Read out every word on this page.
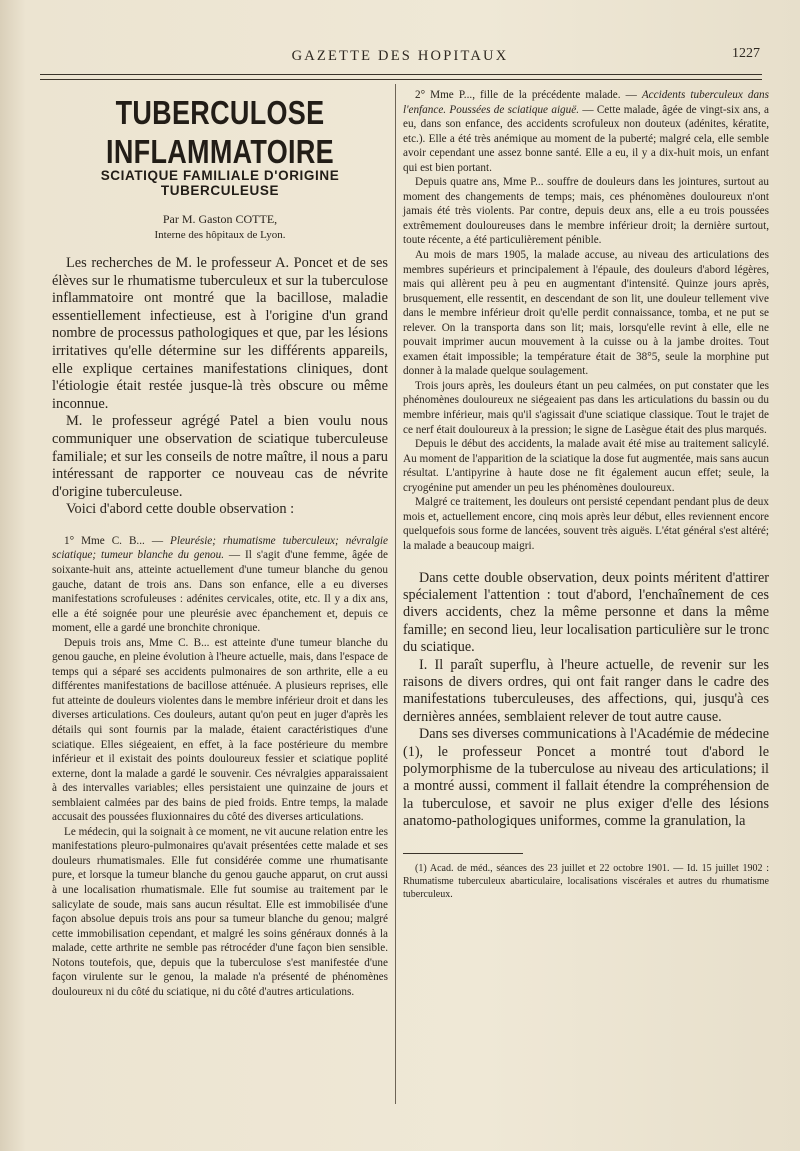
GAZETTE DES HOPITAUX	1227
TUBERCULOSE INFLAMMATOIRE
SCIATIQUE FAMILIALE D'ORIGINE TUBERCULEUSE

Par M. Gaston COTTE,

Interne des hôpitaux de Lyon.

Les recherches de M. le professeur A. Poncet et de ses élèves sur le rhumatisme tuberculeux et sur la tuberculose inflammatoire ont montré que la bacillose, maladie essentiellement infectieuse, est à l'origine d'un grand nombre de processus pathologiques et que, par les lésions irritatives qu'elle détermine sur les différents appareils, elle explique certaines manifestations cliniques, dont l'étiologie était restée jusque-là très obscure ou même inconnue.

M. le professeur agrégé Patel a bien voulu nous communiquer une observation de sciatique tuberculeuse familiale; et sur les conseils de notre maître, il nous a paru intéressant de rapporter ce nouveau cas de névrite d'origine tuberculeuse.

Voici d'abord cette double observation :

1° Mme C. B... — Pleurésie; rhumatisme tuberculeux; névralgie sciatique; tumeur blanche du genou. — Il s'agit d'une femme, âgée de soixante-huit ans, atteinte actuellement d'une tumeur blanche du genou gauche, datant de trois ans. Dans son enfance, elle a eu diverses manifestations scrofuleuses : adénites cervicales, otite, etc. Il y a dix ans, elle a été soignée pour une pleurésie avec épanchement et, depuis ce moment, elle a gardé une bronchite chronique.

Depuis trois ans, Mme C. B... est atteinte d'une tumeur blanche du genou gauche, en pleine évolution à l'heure actuelle, mais, dans l'espace de temps qui a séparé ses accidents pulmonaires de son arthrite, elle a eu différentes manifestations de bacillose atténuée. A plusieurs reprises, elle fut atteinte de douleurs violentes dans le membre inférieur droit et dans les diverses articulations. Ces douleurs, autant qu'on peut en juger d'après les détails qui sont fournis par la malade, étaient caractéristiques d'une sciatique. Elles siégeaient, en effet, à la face postérieure du membre inférieur et il existait des points douloureux fessier et sciatique poplité externe, dont la malade a gardé le souvenir. Ces névralgies apparaissaient à des intervalles variables; elles persistaient une quinzaine de jours et semblaient calmées par des bains de pied froids. Entre temps, la malade accusait des poussées fluxionnaires du côté des diverses articulations.

Le médecin, qui la soignait à ce moment, ne vit aucune relation entre les manifestations pleuro-pulmonaires qu'avait présentées cette malade et ses douleurs rhumatismales. Elle fut considérée comme une rhumatisante pure, et lorsque la tumeur blanche du genou gauche apparut, on crut aussi à une localisation rhumatismale. Elle fut soumise au traitement par le salicylate de soude, mais sans aucun résultat. Elle est immobilisée d'une façon absolue depuis trois ans pour sa tumeur blanche du genou; malgré cette immobilisation cependant, et malgré les soins généraux donnés à la malade, cette arthrite ne semble pas rétrocéder d'une façon bien sensible. Notons toutefois, que, depuis que la tuberculose s'est manifestée d'une façon virulente sur le genou, la malade n'a présenté de phénomènes douloureux ni du côté du sciatique, ni du côté d'autres articulations.

2° Mme P..., fille de la précédente malade. — Accidents tuberculeux dans l'enfance. Poussées de sciatique aiguë. — Cette malade, âgée de vingt-six ans, a eu, dans son enfance, des accidents scrofuleux non douteux (adénites, kératite, etc.). Elle a été très anémique au moment de la puberté; malgré cela, elle semble avoir cependant une assez bonne santé. Elle a eu, il y a dix-huit mois, un enfant qui est bien portant.

Depuis quatre ans, Mme P... souffre de douleurs dans les jointures, surtout au moment des changements de temps; mais, ces phénomènes douloureux n'ont jamais été très violents. Par contre, depuis deux ans, elle a eu trois poussées extrêmement douloureuses dans le membre inférieur droit; la dernière surtout, toute récente, a été particulièrement pénible.

Au mois de mars 1905, la malade accuse, au niveau des articulations des membres supérieurs et principalement à l'épaule, des douleurs d'abord légères, mais qui allèrent peu à peu en augmentant d'intensité. Quinze jours après, brusquement, elle ressentit, en descendant de son lit, une douleur tellement vive dans le membre inférieur droit qu'elle perdit connaissance, tomba, et ne put se relever. On la transporta dans son lit; mais, lorsqu'elle revint à elle, elle ne pouvait imprimer aucun mouvement à la cuisse ou à la jambe droites. Tout examen était impossible; la température était de 38°5, seule la morphine put donner à la malade quelque soulagement.

Trois jours après, les douleurs étant un peu calmées, on put constater que les phénomènes douloureux ne siégeaient pas dans les articulations du bassin ou du membre inférieur, mais qu'il s'agissait d'une sciatique classique. Tout le trajet de ce nerf était douloureux à la pression; le signe de Lasègue était des plus marqués.

Depuis le début des accidents, la malade avait été mise au traitement salicylé. Au moment de l'apparition de la sciatique la dose fut augmentée, mais sans aucun résultat. L'antipyrine à haute dose ne fit également aucun effet; seule, la cryogénine put amender un peu les phénomènes douloureux.

Malgré ce traitement, les douleurs ont persisté cependant pendant plus de deux mois et, actuellement encore, cinq mois après leur début, elles reviennent encore quelquefois sous forme de lancées, souvent très aiguës. L'état général s'est altéré; la malade a beaucoup maigri.

Dans cette double observation, deux points méritent d'attirer spécialement l'attention : tout d'abord, l'enchaînement de ces divers accidents, chez la même personne et dans la même famille; en second lieu, leur localisation particulière sur le tronc du sciatique.

I. Il paraît superflu, à l'heure actuelle, de revenir sur les raisons de divers ordres, qui ont fait ranger dans le cadre des manifestations tuberculeuses, des affections, qui, jusqu'à ces dernières années, semblaient relever de tout autre cause.

Dans ses diverses communications à l'Académie de médecine (1), le professeur Poncet a montré tout d'abord le polymorphisme de la tuberculose au niveau des articulations; il a montré aussi, comment il fallait étendre la compréhension de la tuberculose, et savoir ne plus exiger d'elle des lésions anatomo-pathologiques uniformes, comme la granulation, la

(1) Acad. de méd., séances des 23 juillet et 22 octobre 1901. — Id. 15 juillet 1902 : Rhumatisme tuberculeux abarticulaire, localisations viscérales et autres du rhumatisme tuberculeux.
